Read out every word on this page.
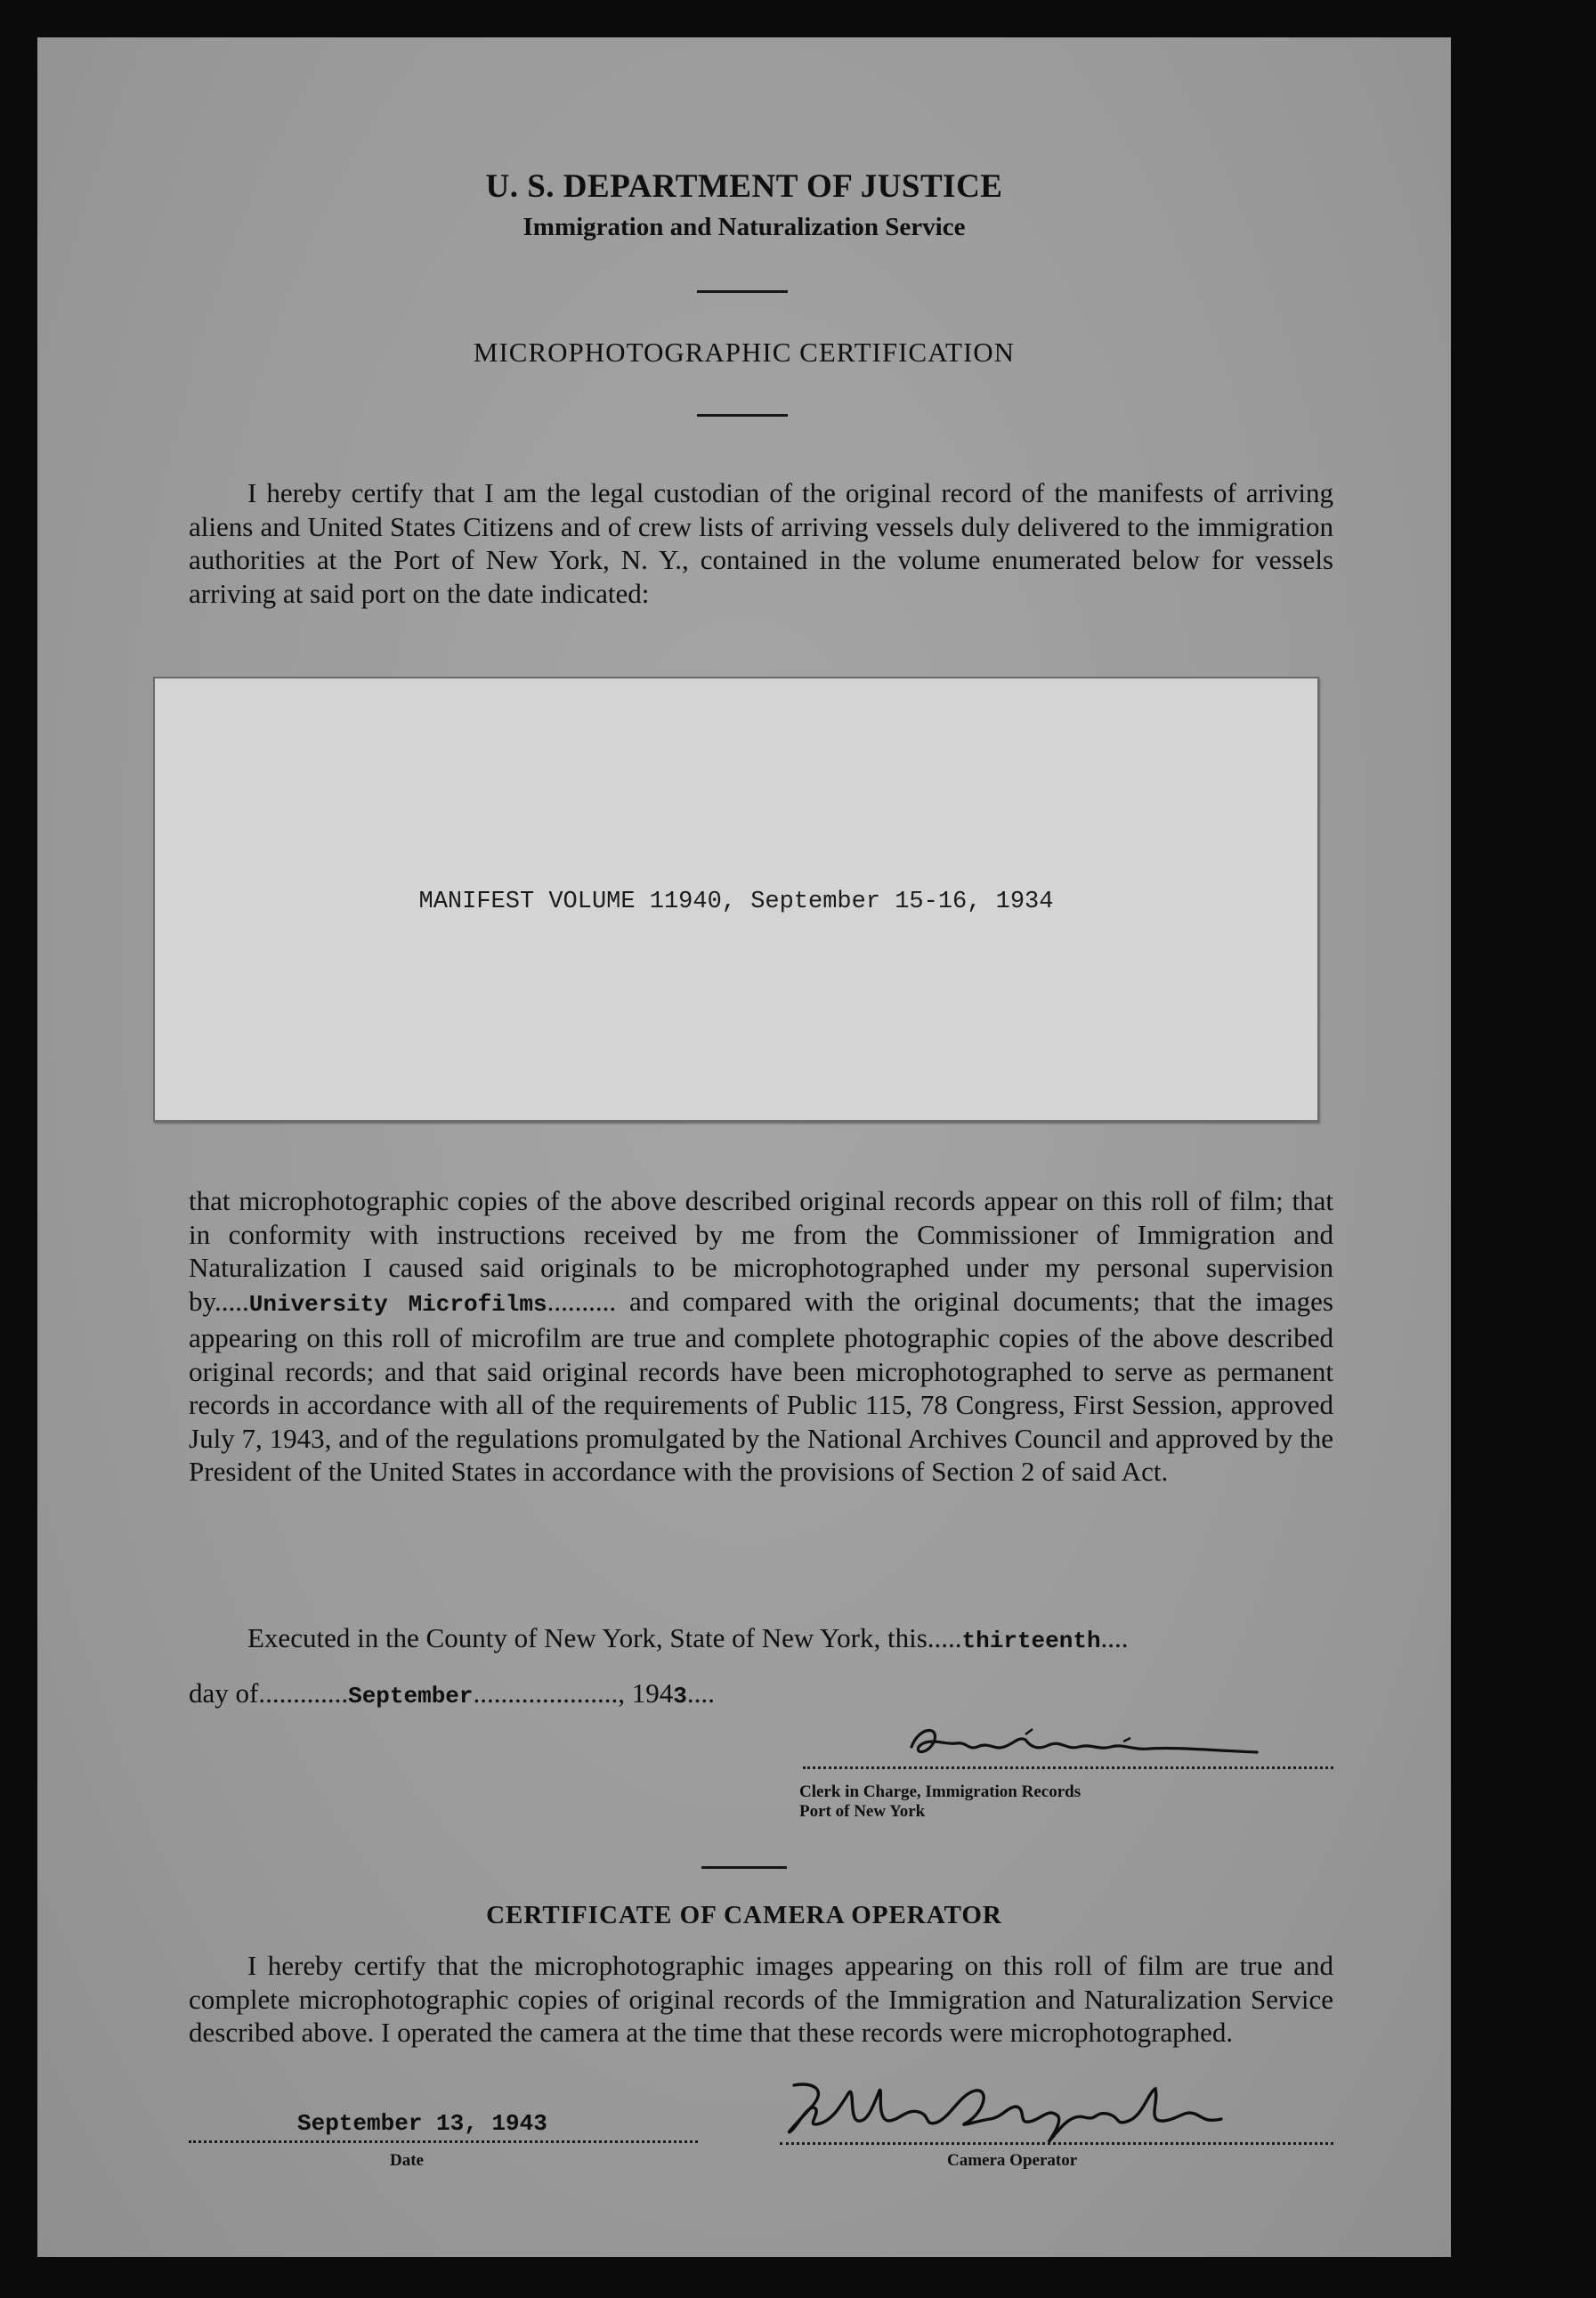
U. S. DEPARTMENT OF JUSTICE
Immigration and Naturalization Service
MICROPHOTOGRAPHIC CERTIFICATION
I hereby certify that I am the legal custodian of the original record of the manifests of arriving aliens and United States Citizens and of crew lists of arriving vessels duly delivered to the immigration authorities at the Port of New York, N. Y., contained in the volume enumerated below for vessels arriving at said port on the date indicated:
MANIFEST VOLUME 11940, September 15-16, 1934
that microphotographic copies of the above described original records appear on this roll of film; that in conformity with instructions received by me from the Commissioner of Immigration and Naturalization I caused said originals to be microphotographed under my personal supervision by.....University Microfilms.......... and compared with the original documents; that the images appearing on this roll of microfilm are true and complete photographic copies of the above described original records; and that said original records have been microphotographed to serve as permanent records in accordance with all of the requirements of Public 115, 78 Congress, First Session, approved July 7, 1943, and of the regulations promulgated by the National Archives Council and approved by the President of the United States in accordance with the provisions of Section 2 of said Act.
Executed in the County of New York, State of New York, this.....thirteenth....
day of.............September....................., 1943....
Clerk in Charge, Immigration Records
Port of New York
CERTIFICATE OF CAMERA OPERATOR
I hereby certify that the microphotographic images appearing on this roll of film are true and complete microphotographic copies of original records of the Immigration and Naturalization Service described above. I operated the camera at the time that these records were microphotographed.
September 13, 1943
Date	Camera Operator
